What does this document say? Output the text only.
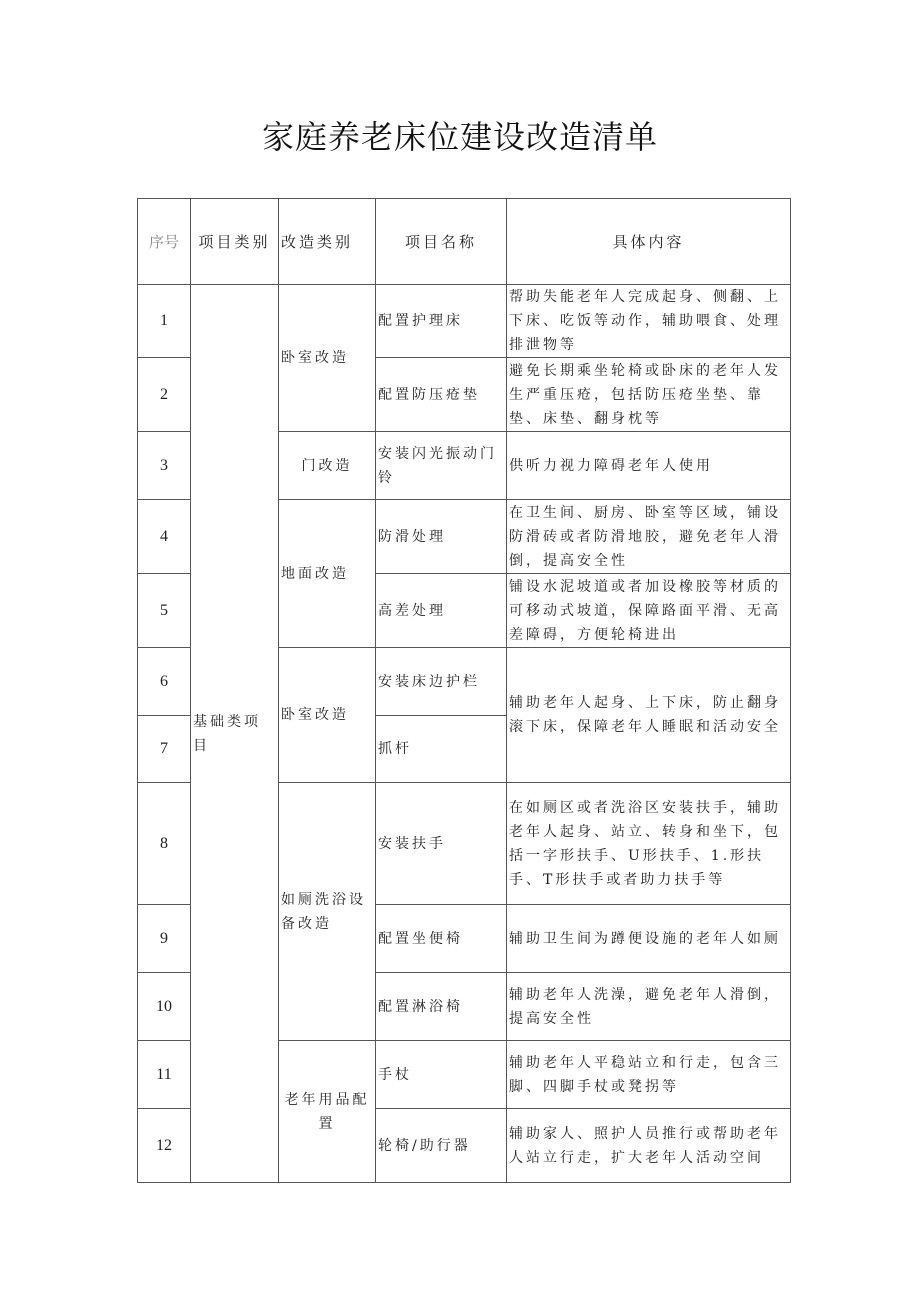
家庭养老床位建设改造清单
序号	项目类别	改造类别	项目名称	具体内容
1	基础类项目	卧室改造	配置护理床	帮助失能老年人完成起身、侧翻、上下床、吃饭等动作，辅助喂食、处理排泄物等
2			配置防压疮垫	避免长期乘坐轮椅或卧床的老年人发生严重压疮，包括防压疮坐垫、靠垫、床垫、翻身枕等
3		门改造	安装闪光振动门铃	供听力视力障碍老年人使用
4		地面改造	防滑处理	在卫生间、厨房、卧室等区域，铺设防滑砖或者防滑地胶，避免老年人滑倒，提高安全性
5			高差处理	铺设水泥坡道或者加设橡胶等材质的可移动式坡道，保障路面平滑、无高差障碍，方便轮椅进出
6		卧室改造	安装床边护栏	辅助老年人起身、上下床，防止翻身滚下床，保障老年人睡眠和活动安全
7			抓杆	
8		如厕洗浴设备改造	安装扶手	在如厕区或者洗浴区安装扶手，辅助老年人起身、站立、转身和坐下，包括一字形扶手、U形扶手、1.形扶手、T形扶手或者助力扶手等
9			配置坐便椅	辅助卫生间为蹲便设施的老年人如厕
10			配置淋浴椅	辅助老年人洗澡，避免老年人滑倒，提高安全性
11		老年用品配置	手杖	辅助老年人平稳站立和行走，包含三脚、四脚手杖或凳拐等
12			轮椅/助行器	辅助家人、照护人员推行或帮助老年人站立行走，扩大老年人活动空间
